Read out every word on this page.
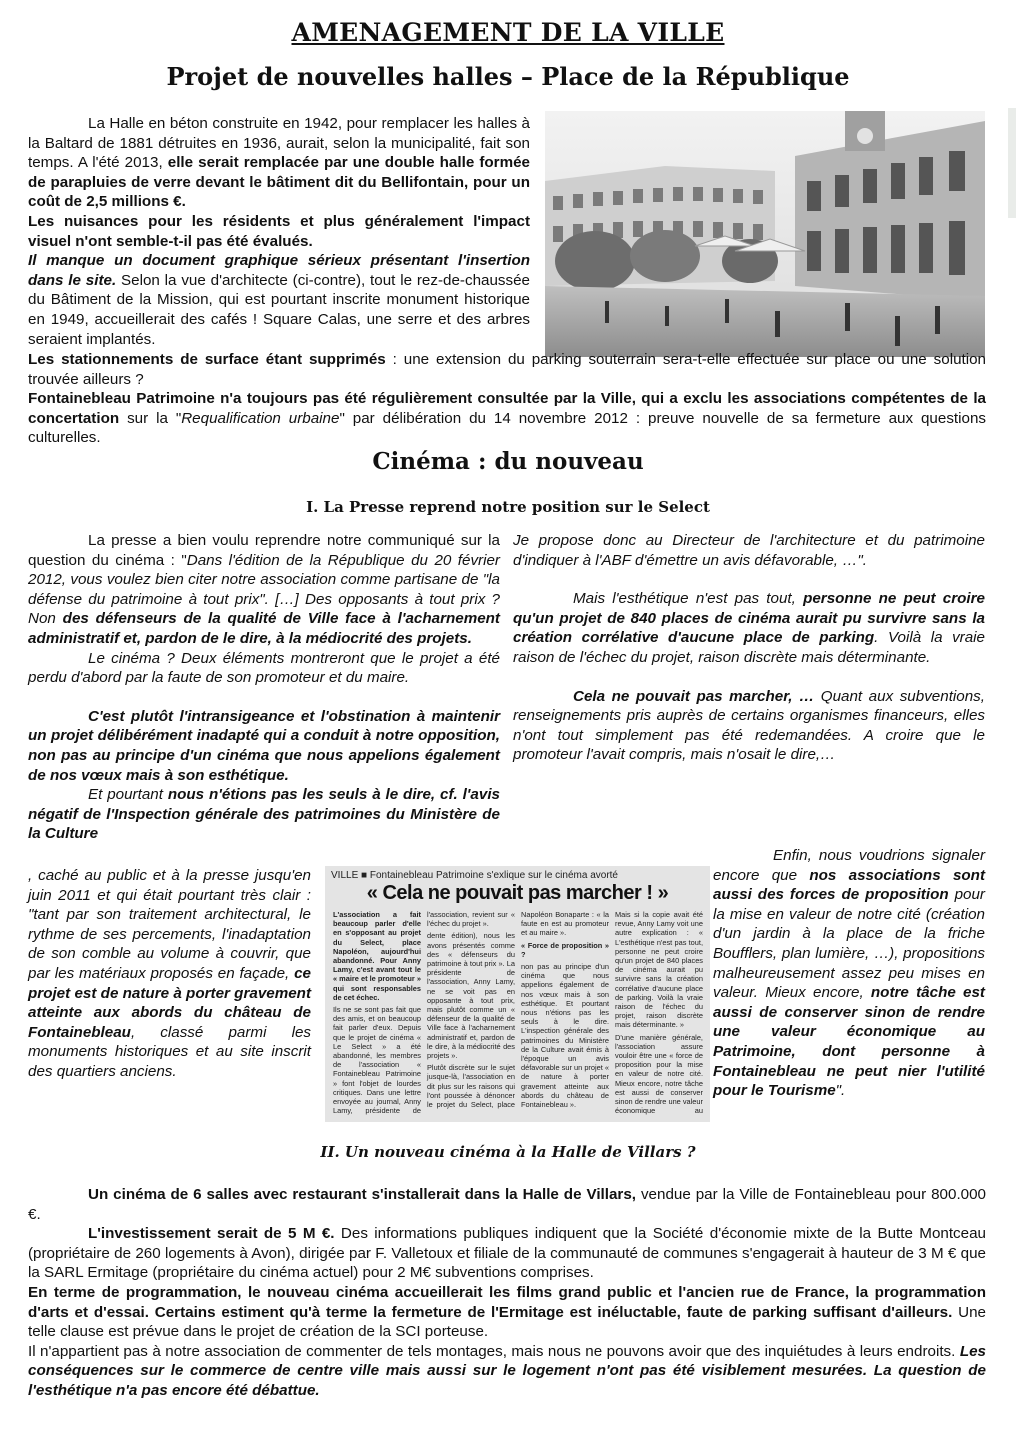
AMENAGEMENT DE LA VILLE
Projet de nouvelles halles – Place de la République

La Halle en béton construite en 1942, pour remplacer les halles à la Baltard de 1881 détruites en 1936, aurait, selon la municipalité, fait son temps. A l'été 2013, elle serait remplacée par une double halle formée de parapluies de verre devant le bâtiment dit du Bellifontain, pour un coût de 2,5 millions €.

Les nuisances pour les résidents et plus généralement l'impact visuel n'ont semble-t-il pas été évalués.

Il manque un document graphique sérieux présentant l'insertion dans le site. Selon la vue d'architecte (ci-contre), tout le rez-de-chaussée du Bâtiment de la Mission, qui est pourtant inscrite monument historique en 1949, accueillerait des cafés ! Square Calas, une serre et des arbres seraient implantés.

Les stationnements de surface étant supprimés : une extension du parking souterrain sera-t-elle effectuée sur place ou une solution trouvée ailleurs ?

Fontainebleau Patrimoine n'a toujours pas été régulièrement consultée par la Ville, qui a exclu les associations compétentes de la concertation sur la "Requalification urbaine" par délibération du 14 novembre 2012 : preuve nouvelle de sa fermeture aux questions culturelles.

Cinéma : du nouveau
I. La Presse reprend notre position sur le Select

La presse a bien voulu reprendre notre communiqué sur la question du cinéma : "Dans l'édition de la République du 20 février 2012, vous voulez bien citer notre association comme partisane de "la défense du patrimoine à tout prix". […] Des opposants à tout prix ? Non des défenseurs de la qualité de Ville face à l'acharnement administratif et, pardon de le dire, à la médiocrité des projets.

Le cinéma ? Deux éléments montreront que le projet a été perdu d'abord par la faute de son promoteur et du maire.

C'est plutôt l'intransigeance et l'obstination à maintenir un projet délibérément inadapté qui a conduit à notre opposition, non pas au principe d'un cinéma que nous appelions également de nos vœux mais à son esthétique.

Et pourtant nous n'étions pas les seuls à le dire, cf. l'avis négatif de l'Inspection générale des patrimoines du Ministère de la Culture

, caché au public et à la presse jusqu'en juin 2011 et qui était pourtant très clair : "tant par son traitement architectural, le rythme de ses percements, l'inadaptation de son comble au volume à couvrir, que par les matériaux proposés en façade, ce projet est de nature à porter gravement atteinte aux abords du château de Fontainebleau, classé parmi les monuments historiques et au site inscrit des quartiers anciens.

Je propose donc au Directeur de l'architecture et du patrimoine d'indiquer à l'ABF d'émettre un avis défavorable, …".

Mais l'esthétique n'est pas tout, personne ne peut croire qu'un projet de 840 places de cinéma aurait pu survivre sans la création corrélative d'aucune place de parking. Voilà la vraie raison de l'échec du projet, raison discrète mais déterminante.

Cela ne pouvait pas marcher, … Quant aux subventions, renseignements pris auprès de certains organismes financeurs, elles n'ont tout simplement pas été redemandées. A croire que le promoteur l'avait compris, mais n'osait le dire,…

Enfin, nous voudrions signaler encore que nos associations sont aussi des forces de proposition pour la mise en valeur de notre cité (création d'un jardin à la place de la friche Boufflers, plan lumière, …), propositions malheureusement assez peu mises en valeur. Mieux encore, notre tâche est aussi de conserver sinon de rendre une valeur économique au Patrimoine, dont personne à Fontainebleau ne peut nier l'utilité pour le Tourisme".

VILLE ■ Fontainebleau Patrimoine s'exlique sur le cinéma avorté
« Cela ne pouvait pas marcher ! »

L'association a fait beaucoup parler d'elle en s'opposant au projet du Select, place Napoléon, aujourd'hui abandonné. Pour Anny Lamy, c'est avant tout le « maire et le promoteur » qui sont responsables de cet échec.

Ils ne se sont pas fait que des amis, et on beaucoup fait parler d'eux. Depuis que le projet de cinéma « Le Select » a été abandonné, les membres de l'association « Fontainebleau Patrimoine » font l'objet de lourdes critiques. Dans une lettre envoyée au journal, Anny Lamy, présidente de l'association, revient sur « l'échec du projet ».

dente édition), nous les avons présentés comme des « défenseurs du patrimoine à tout prix ». La présidente de l'association, Anny Lamy, ne se voit pas en opposante à tout prix, mais plutôt comme un « défenseur de la qualité de Ville face à l'acharnement administratif et, pardon de le dire, à la médiocrité des projets ».

Plutôt discrète sur le sujet jusque-là, l'association en dit plus sur les raisons qui l'ont poussée à dénoncer le projet du Select, place Napoléon Bonaparte : « la faute en est au promoteur et au maire ».

« Force de proposition » ?

non pas au principe d'un cinéma que nous appelions également de nos vœux mais à son esthétique. Et pourtant nous n'étions pas les seuls à le dire. L'inspection générale des patrimoines du Ministère de la Culture avait émis à l'époque un avis défavorable sur un projet « de nature à porter gravement atteinte aux abords du château de Fontainebleau ».

Mais si la copie avait été revue, Anny Lamy voit une autre explication : « L'esthétique n'est pas tout, personne ne peut croire qu'un projet de 840 places de cinéma aurait pu survivre sans la création corrélative d'aucune place de parking. Voilà la vraie raison de l'échec du projet, raison discrète mais déterminante. »

D'une manière générale, l'association assure vouloir être une « force de proposition pour la mise en valeur de notre cité. Mieux encore, notre tâche est aussi de conserver sinon de rendre une valeur économique au

II. Un nouveau cinéma à la Halle de Villars ?

Un cinéma de 6 salles avec restaurant s'installerait dans la Halle de Villars, vendue par la Ville de Fontainebleau pour 800.000 €.

L'investissement serait de 5 M €. Des informations publiques indiquent que la Société d'économie mixte de la Butte Montceau (propriétaire de 260 logements à Avon), dirigée par F. Valletoux et filiale de la communauté de communes s'engagerait à hauteur de 3 M € que la SARL Ermitage (propriétaire du cinéma actuel) pour 2 M€ subventions comprises.

En terme de programmation, le nouveau cinéma accueillerait les films grand public et l'ancien rue de France, la programmation d'arts et d'essai. Certains estiment qu'à terme la fermeture de l'Ermitage est inéluctable, faute de parking suffisant d'ailleurs. Une telle clause est prévue dans le projet de création de la SCI porteuse.

Il n'appartient pas à notre association de commenter de tels montages, mais nous ne pouvons avoir que des inquiétudes à leurs endroits. Les conséquences sur le commerce de centre ville mais aussi sur le logement n'ont pas été visiblement mesurées. La question de l'esthétique n'a pas encore été débattue.
